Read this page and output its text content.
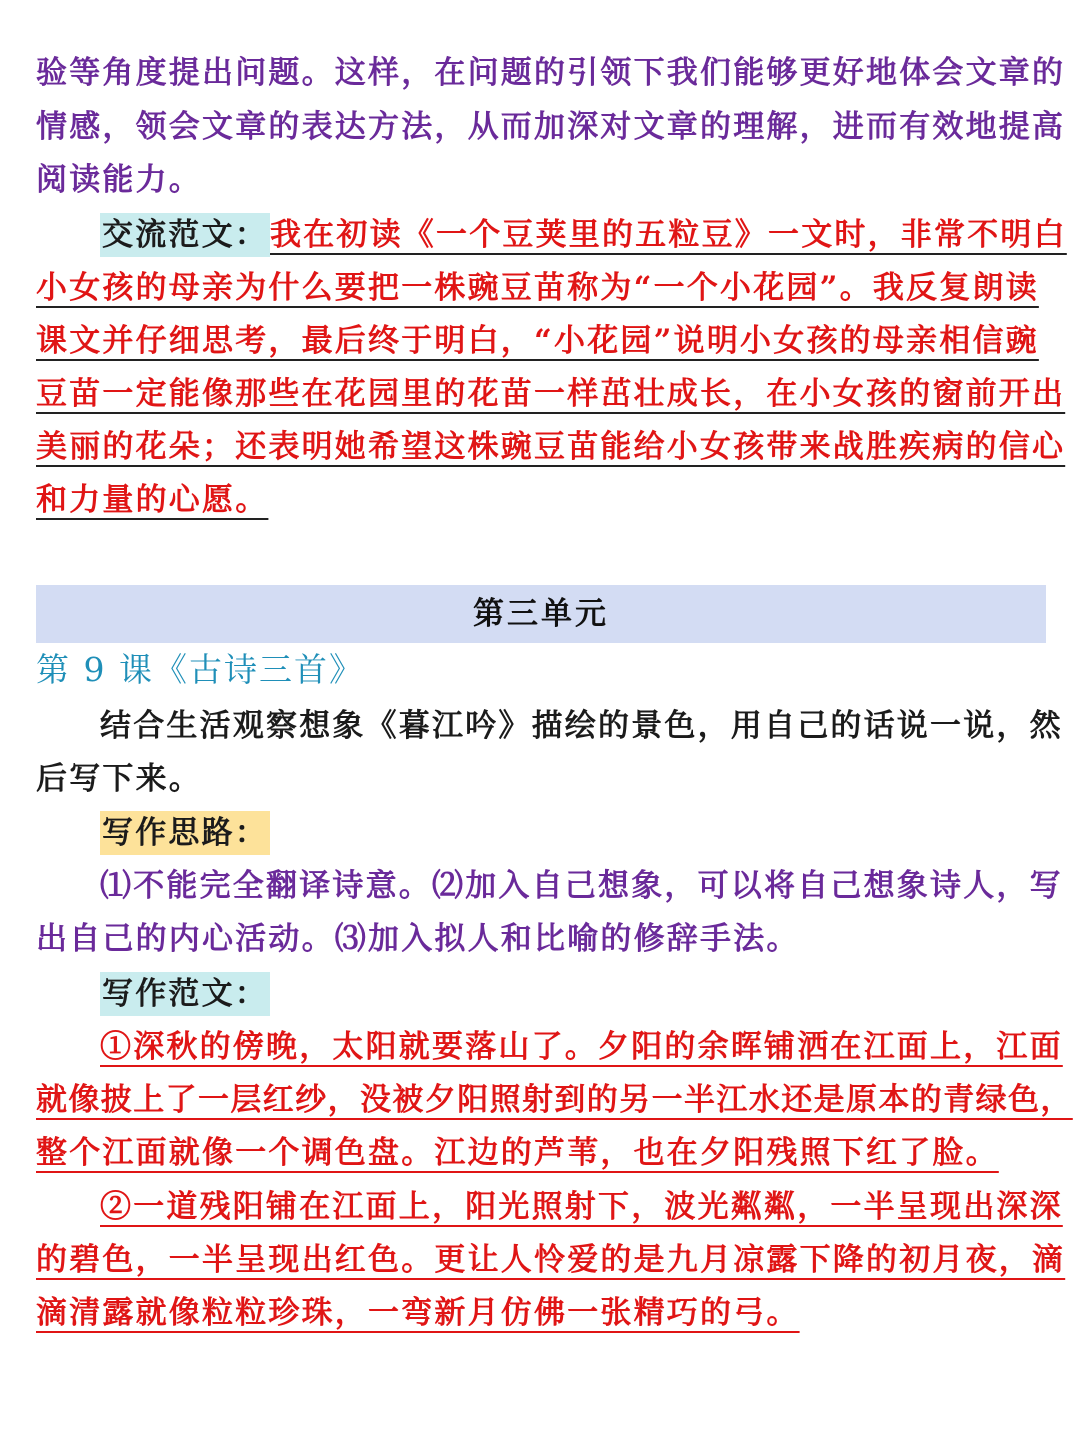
验等角度提出问题。这样，在问题的引领下我们能够更好地体会文章的
情感，领会文章的表达方法，从而加深对文章的理解，进而有效地提高
阅读能力。
交流范文：我在初读《一个豆荚里的五粒豆》一文时，非常不明白
小女孩的母亲为什么要把一株豌豆苗称为“一个小花园”。我反复朗读
课文并仔细思考，最后终于明白，“小花园”说明小女孩的母亲相信豌
豆苗一定能像那些在花园里的花苗一样茁壮成长，在小女孩的窗前开出
美丽的花朵；还表明她希望这株豌豆苗能给小女孩带来战胜疾病的信心
和力量的心愿。
第三单元
第 9 课《古诗三首》
结合生活观察想象《暮江吟》描绘的景色，用自己的话说一说，然
后写下来。
写作思路：
⑴不能完全翻译诗意。⑵加入自己想象，可以将自己想象诗人，写
出自己的内心活动。⑶加入拟人和比喻的修辞手法。
写作范文：
①深秋的傍晚，太阳就要落山了。夕阳的余晖铺洒在江面上，江面
就像披上了一层红纱，没被夕阳照射到的另一半江水还是原本的青绿色，
整个江面就像一个调色盘。江边的芦苇，也在夕阳残照下红了脸。
②一道残阳铺在江面上，阳光照射下，波光粼粼，一半呈现出深深
的碧色，一半呈现出红色。更让人怜爱的是九月凉露下降的初月夜，滴
滴清露就像粒粒珍珠，一弯新月仿佛一张精巧的弓。
